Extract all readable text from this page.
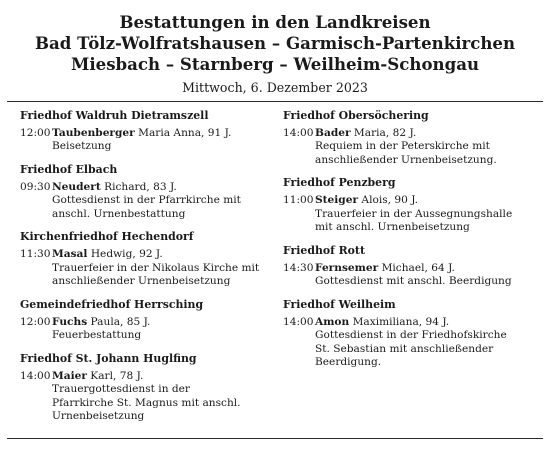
Bestattungen in den Landkreisen
Bad Tölz-Wolfratshausen – Garmisch-Partenkirchen
Miesbach – Starnberg – Weilheim-Schongau

Mittwoch, 6. Dezember 2023

Friedhof Waldruh Dietramszell
12:00 Taubenberger Maria Anna, 91 J.
Beisetzung
Friedhof Elbach
09:30 Neudert Richard, 83 J.
Gottesdienst in der Pfarrkirche mit
anschl. Urnenbestattung
Kirchenfriedhof Hechendorf
11:30 Masal Hedwig, 92 J.
Trauerfeier in der Nikolaus Kirche mit
anschließender Urnenbeisetzung
Gemeindefriedhof Herrsching
12:00 Fuchs Paula, 85 J.
Feuerbestattung
Friedhof St. Johann Huglfing
14:00 Maier Karl, 78 J.
Trauergottesdienst in der
Pfarrkirche St. Magnus mit anschl.
Urnenbeisetzung
Friedhof Obersöchering
14:00 Bader Maria, 82 J.
Requiem in der Peterskirche mit
anschließender Urnenbeisetzung.
Friedhof Penzberg
11:00 Steiger Alois, 90 J.
Trauerfeier in der Aussegnungshalle
mit anschl. Urnenbeisetzung
Friedhof Rott
14:30 Fernsemer Michael, 64 J.
Gottesdienst mit anschl. Beerdigung
Friedhof Weilheim
14:00 Amon Maximiliana, 94 J.
Gottesdienst in der Friedhofskirche
St. Sebastian mit anschließender
Beerdigung.
